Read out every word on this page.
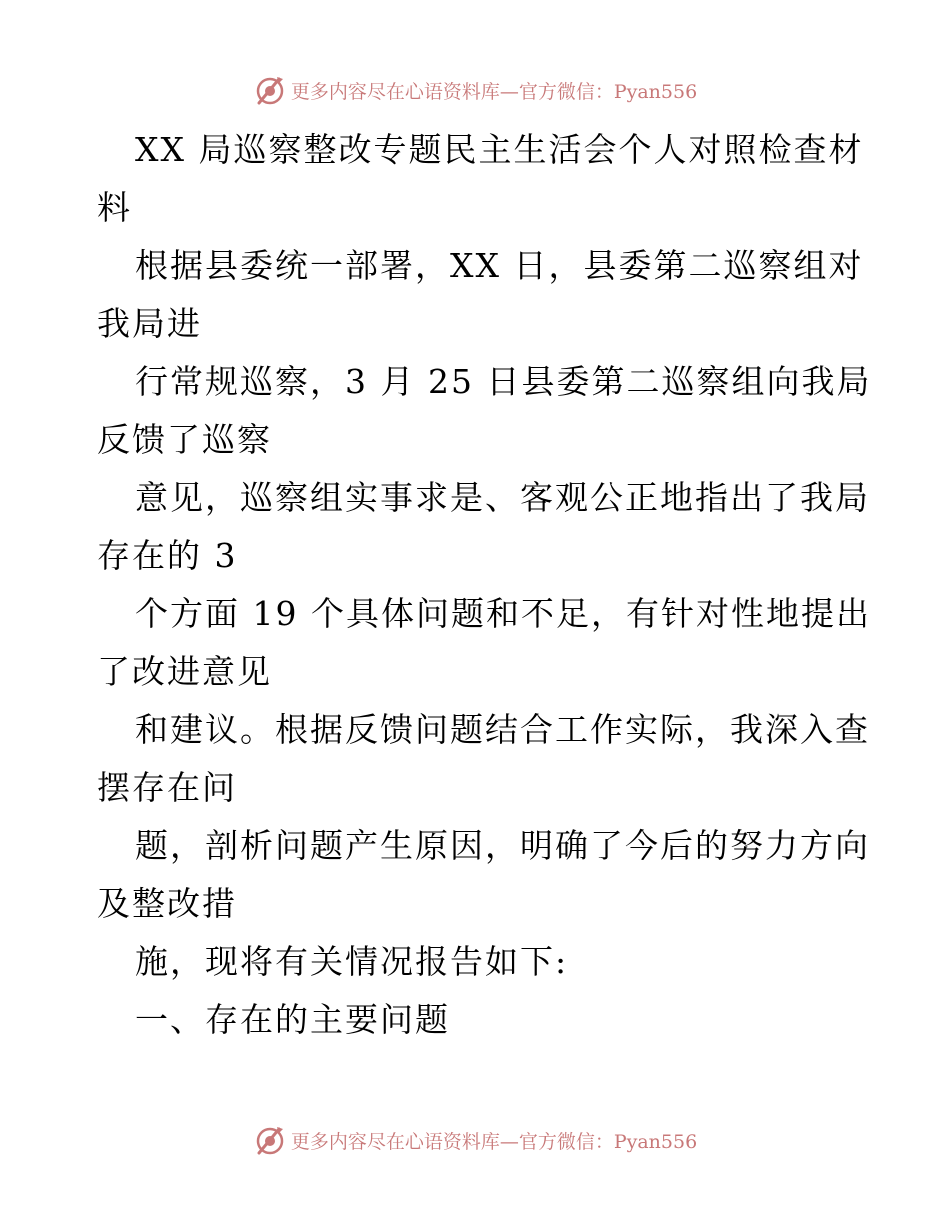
更多内容尽在心语资料库—官方微信：Pyan556
XX 局巡察整改专题民主生活会个人对照检查材
料
根据县委统一部署，XX 日，县委第二巡察组对
我局进
行常规巡察，3 月 25 日县委第二巡察组向我局
反馈了巡察
意见，巡察组实事求是、客观公正地指出了我局
存在的 3
个方面 19 个具体问题和不足，有针对性地提出
了改进意见
和建议。根据反馈问题结合工作实际，我深入查
摆存在问
题，剖析问题产生原因，明确了今后的努力方向
及整改措
施，现将有关情况报告如下:
一、存在的主要问题
更多内容尽在心语资料库—官方微信：Pyan556
